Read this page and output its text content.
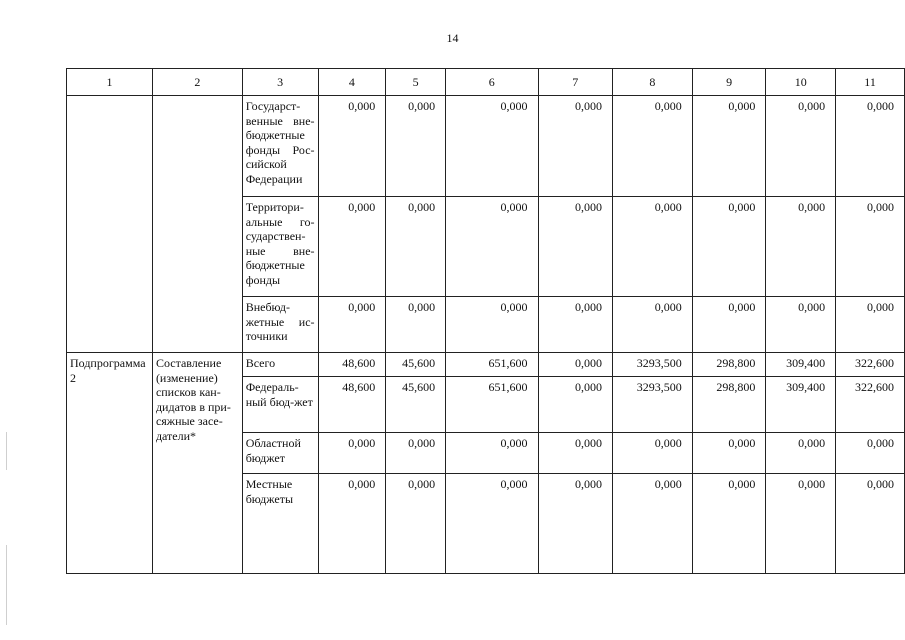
14
1	2	3	4	5	6	7	8	9	10	11
		Государст-венные вне-бюджетные фонды Рос-сийской Федерации	0,000	0,000	0,000	0,000	0,000	0,000	0,000	0,000
		Территори-альные го-сударствен-ные вне-бюджетные фонды	0,000	0,000	0,000	0,000	0,000	0,000	0,000	0,000
		Внебюд-жетные ис-точники	0,000	0,000	0,000	0,000	0,000	0,000	0,000	0,000
Подпрограмма 2	Составление (изменение) списков кан-дидатов в при-сяжные засе-датели*	Всего	48,600	45,600	651,600	0,000	3293,500	298,800	309,400	322,600
		Федераль-ный бюд-жет	48,600	45,600	651,600	0,000	3293,500	298,800	309,400	322,600
		Областной бюджет	0,000	0,000	0,000	0,000	0,000	0,000	0,000	0,000
		Местные бюджеты	0,000	0,000	0,000	0,000	0,000	0,000	0,000	0,000
